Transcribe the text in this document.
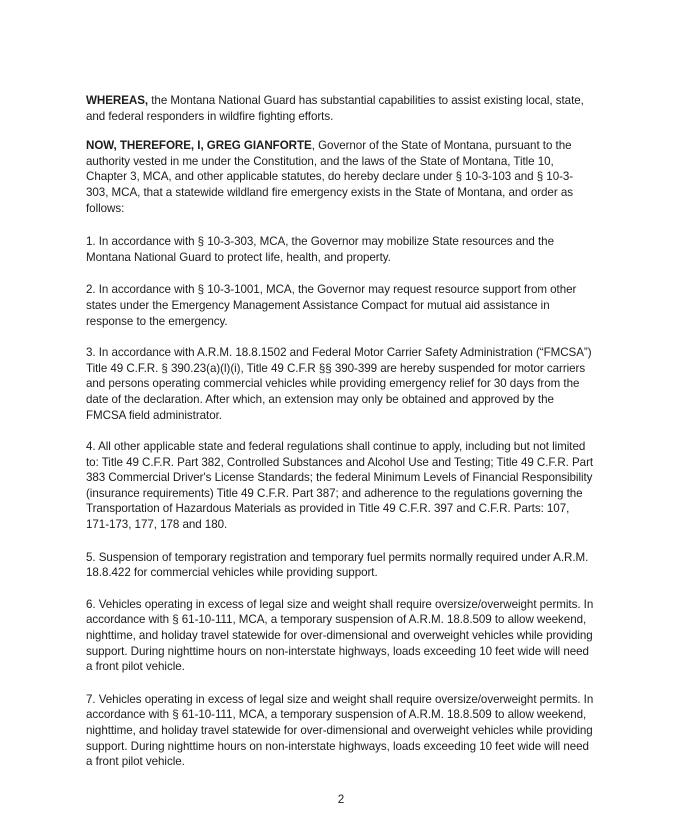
WHEREAS, the Montana National Guard has substantial capabilities to assist existing local, state, and federal responders in wildfire fighting efforts.

NOW, THEREFORE, I, GREG GIANFORTE, Governor of the State of Montana, pursuant to the authority vested in me under the Constitution, and the laws of the State of Montana, Title 10, Chapter 3, MCA, and other applicable statutes, do hereby declare under § 10-3-103 and § 10-3-303, MCA, that a statewide wildland fire emergency exists in the State of Montana, and order as follows:

1. In accordance with § 10-3-303, MCA, the Governor may mobilize State resources and the Montana National Guard to protect life, health, and property.

2. In accordance with § 10-3-1001, MCA, the Governor may request resource support from other states under the Emergency Management Assistance Compact for mutual aid assistance in response to the emergency.

3. In accordance with A.R.M. 18.8.1502 and Federal Motor Carrier Safety Administration (“FMCSA”) Title 49 C.F.R. § 390.23(a)(l)(i), Title 49 C.F.R §§ 390-399 are hereby suspended for motor carriers and persons operating commercial vehicles while providing emergency relief for 30 days from the date of the declaration. After which, an extension may only be obtained and approved by the FMCSA field administrator.

4. All other applicable state and federal regulations shall continue to apply, including but not limited to: Title 49 C.F.R. Part 382, Controlled Substances and Alcohol Use and Testing; Title 49 C.F.R. Part 383 Commercial Driver's License Standards; the federal Minimum Levels of Financial Responsibility (insurance requirements) Title 49 C.F.R. Part 387; and adherence to the regulations governing the Transportation of Hazardous Materials as provided in Title 49 C.F.R. 397 and C.F.R. Parts: 107, 171-173, 177, 178 and 180.

5. Suspension of temporary registration and temporary fuel permits normally required under A.R.M. 18.8.422 for commercial vehicles while providing support.

6. Vehicles operating in excess of legal size and weight shall require oversize/overweight permits. In accordance with § 61-10-111, MCA, a temporary suspension of A.R.M. 18.8.509 to allow weekend, nighttime, and holiday travel statewide for over-dimensional and overweight vehicles while providing support. During nighttime hours on non-interstate highways, loads exceeding 10 feet wide will need a front pilot vehicle.

7. Vehicles operating in excess of legal size and weight shall require oversize/overweight permits. In accordance with § 61-10-111, MCA, a temporary suspension of A.R.M. 18.8.509 to allow weekend, nighttime, and holiday travel statewide for over-dimensional and overweight vehicles while providing support. During nighttime hours on non-interstate highways, loads exceeding 10 feet wide will need a front pilot vehicle.

2
